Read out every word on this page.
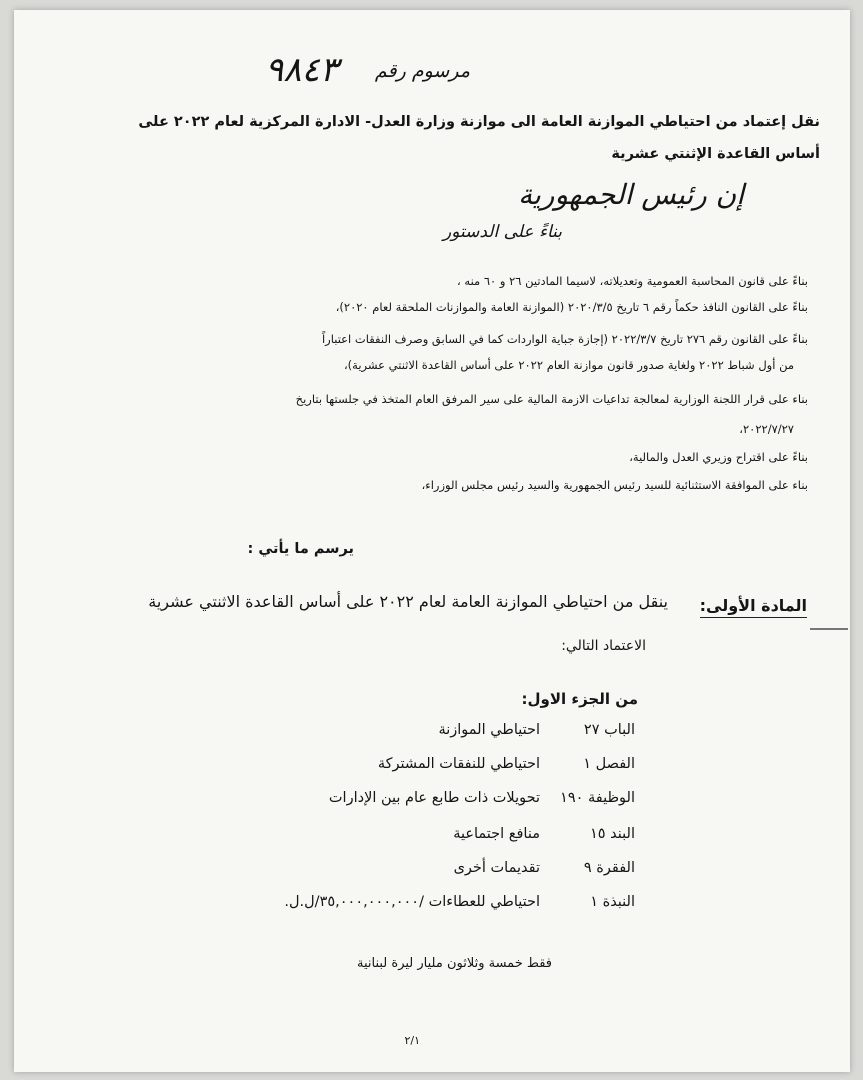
مرسوم رقم
٩٨٤٣
نقل إعتماد من احتياطي الموازنة العامة الى موازنة وزارة العدل- الادارة المركزية لعام ٢٠٢٢ على
أساس القاعدة الإثنتي عشرية
إن رئيس الجمهورية
بناءً على الدستور
بناءً على قانون المحاسبة العمومية وتعديلاته، لاسيما المادتين ٢٦ و ٦٠ منه ،
بناءً على القانون النافذ حكماً رقم ٦ تاريخ ٢٠٢٠/٣/٥ (الموازنة العامة والموازنات الملحقة لعام ٢٠٢٠)،
بناءً على القانون رقم ٢٧٦ تاريخ ٢٠٢٢/٣/٧ (إجازة جباية الواردات كما في السابق وصرف النفقات اعتباراً
من أول شباط ٢٠٢٢ ولغاية صدور قانون موازنة العام ٢٠٢٢ على أساس القاعدة الاثنتي عشرية)،
بناء على قرار اللجنة الوزارية لمعالجة تداعيات الازمة المالية على سير المرفق العام المتخذ في جلستها بتاريخ
٢٠٢٢/٧/٢٧،
بناءً على اقتراح وزيري العدل والمالية،
بناء على الموافقة الاستثنائية للسيد رئيس الجمهورية والسيد رئيس مجلس الوزراء،
يرسم ما يأتي :
المادة الأولى:
ينقل من احتياطي الموازنة العامة لعام ٢٠٢٢ على أساس القاعدة الاثنتي عشرية
الاعتماد التالي:
من الجزء الاول:
الباب ٢٧
احتياطي الموازنة
الفصل ١
احتياطي للنفقات المشتركة
الوظيفة ١٩٠
تحويلات ذات طابع عام بين الإدارات
البند ١٥
منافع اجتماعية
الفقرة ٩
تقديمات أخرى
النبذة ١
احتياطي للعطاءات /٣٥,٠٠٠,٠٠٠,٠٠٠/ل.ل.
فقط خمسة وثلاثون مليار ليرة لبنانية
٢/١
